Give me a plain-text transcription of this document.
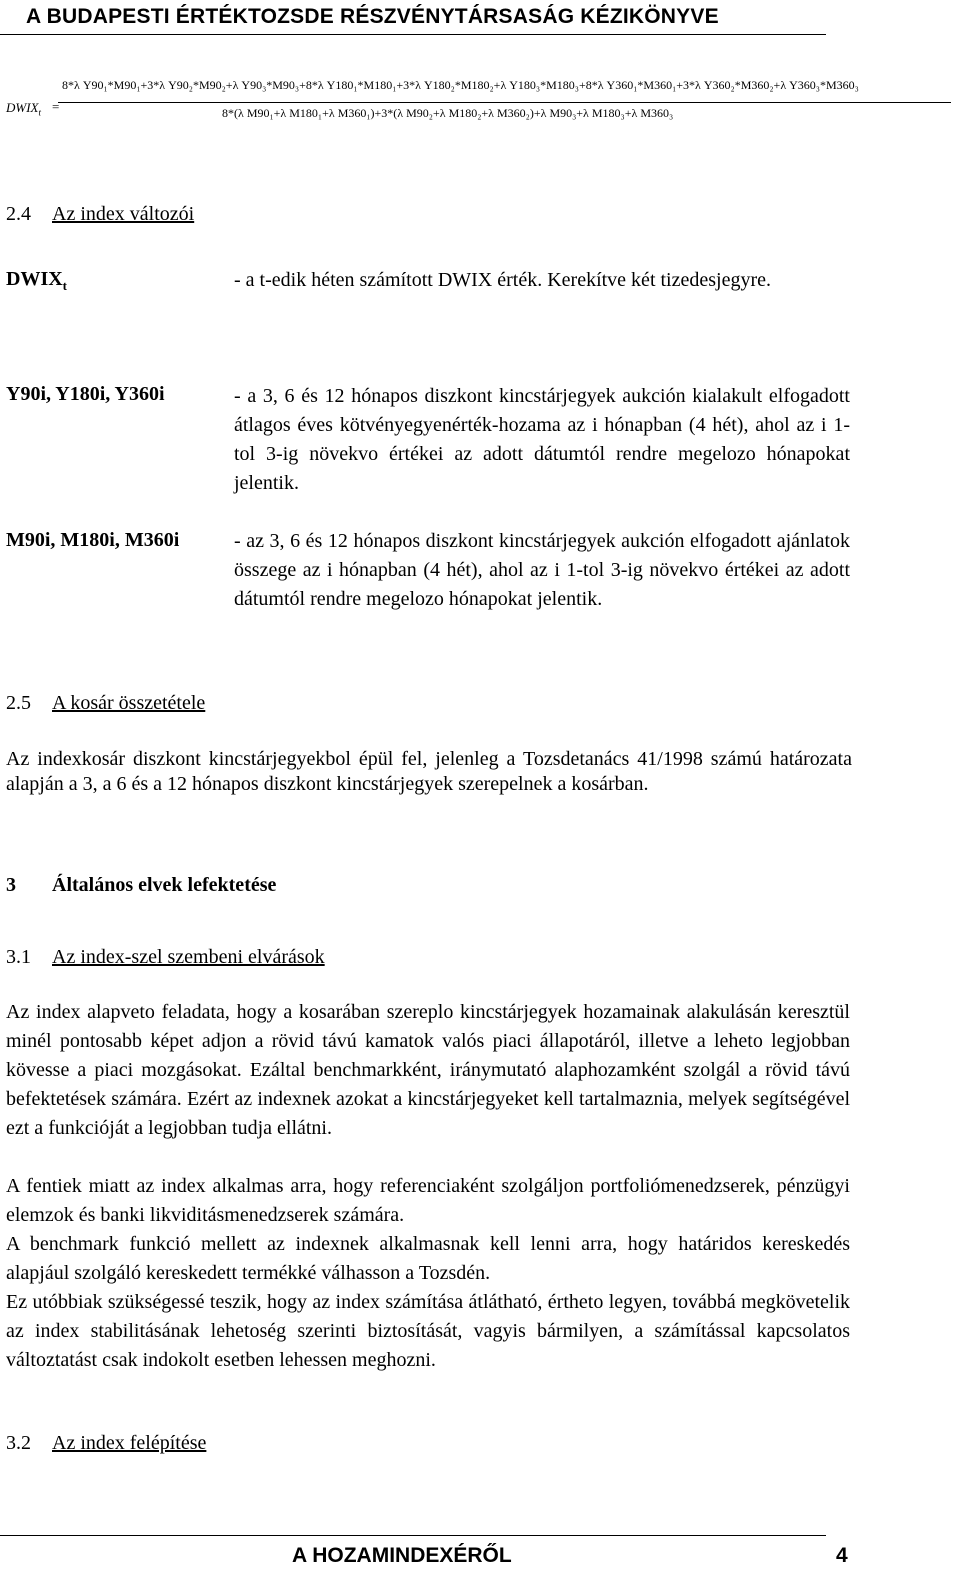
A BUDAPESTI ÉRTÉKTOZSDE RÉSZVÉNYTÁRSASÁG KÉZIKÖNYVE
$DWIX_t$ =
8*λ Y90₁*M90₁+3*λ Y90₂*M90₂+λ Y90₃*M90₃+8*λ Y180₁*M180₁+3*λ Y180₂*M180₂+λ Y180₃*M180₃+8*λ Y360₁*M360₁+3*λ Y360₂*M360₂+λ Y360₃*M360₃
8*(λ M90₁+λ M180₁+λ M360₁)+3*(λ M90₂+λ M180₂+λ M360₂)+λ M90₃+λ M180₃+λ M360₃
2.4 Az index változói
$DWIX_t$	- a t-edik héten számított DWIX érték. Kerekítve két tizedesjegyre.
Y90i, Y180i, Y360i	- a 3, 6 és 12 hónapos diszkont kincstárjegyek aukción kialakult elfogadott átlagos éves kötvényegyenérték-hozama az i hónapban (4 hét), ahol az i 1-tol 3-ig növekvo értékei az adott dátumtól rendre megelozo hónapokat jelentik.
M90i, M180i, M360i	- az 3, 6 és 12 hónapos diszkont kincstárjegyek aukción elfogadott ajánlatok összege az i hónapban (4 hét), ahol az i 1-tol 3-ig növekvo értékei az adott dátumtól rendre megelozo hónapokat jelentik.
2.5 A kosár összetétele
Az indexkosár diszkont kincstárjegyekbol épül fel, jelenleg a Tozsdetanács 41/1998 számú határozata alapján a 3, a 6 és a 12 hónapos diszkont kincstárjegyek szerepelnek a kosárban.
3 Általános elvek lefektetése
3.1 Az index-szel szembeni elvárások
Az index alapveto feladata, hogy a kosarában szereplo kincstárjegyek hozamainak alakulásán keresztül minél pontosabb képet adjon a rövid távú kamatok valós piaci állapotáról, illetve a leheto legjobban kövesse a piaci mozgásokat. Ezáltal benchmarkként, iránymutató alaphozamként szolgál a rövid távú befektetések számára. Ezért az indexnek azokat a kincstárjegyeket kell tartalmaznia, melyek segítségével ezt a funkcióját a legjobban tudja ellátni.
A fentiek miatt az index alkalmas arra, hogy referenciaként szolgáljon portfoliómenedzserek, pénzügyi elemzok és banki likviditásmenedzserek számára.
A benchmark funkció mellett az indexnek alkalmasnak kell lenni arra, hogy határidos kereskedés alapjául szolgáló kereskedett termékké válhasson a Tozsdén.
Ez utóbbiak szükségessé teszik, hogy az index számítása átlátható, értheto legyen, továbbá megkövetelik az index stabilitásának lehetoség szerinti biztosítását, vagyis bármilyen, a számítással kapcsolatos változtatást csak indokolt esetben lehessen meghozni.
3.2 Az index felépítése
A HOZAMINDEXÉRŐL	4
